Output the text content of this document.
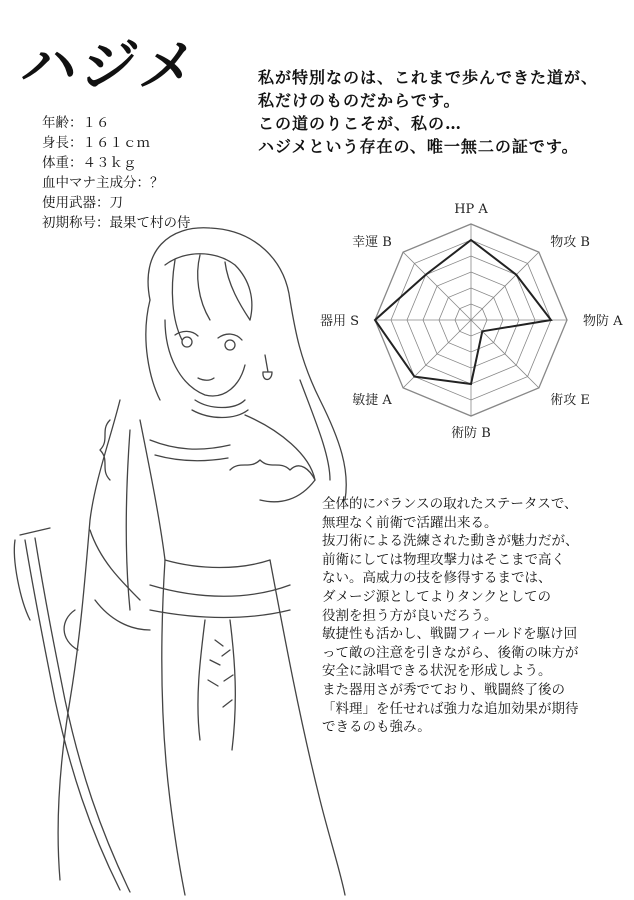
ハジメ	私が特別なのは、これまで歩んできた道が、
私だけのものだからです。
この道のりこそが、私の…
ハジメという存在の、唯一無二の証です。
年齢：１６
身長：１６１ｃｍ
体重：４３ｋｇ
血中マナ主成分：？
使用武器：刀
初期称号：最果て村の侍
HP A
物攻 B
物防 A
術攻 E
術防 B
敏捷 A
器用 S
幸運 B
全体的にバランスの取れたステータスで、
無理なく前衛で活躍出来る。
抜刀術による洗練された動きが魅力だが、
前衛にしては物理攻撃力はそこまで高く
ない。高威力の技を修得するまでは、
ダメージ源としてよりタンクとしての
役割を担う方が良いだろう。
敏捷性も活かし、戦闘フィールドを駆け回
って敵の注意を引きながら、後衛の味方が
安全に詠唱できる状況を形成しよう。
また器用さが秀でており、戦闘終了後の
「料理」を任せれば強力な追加効果が期待
できるのも強み。
